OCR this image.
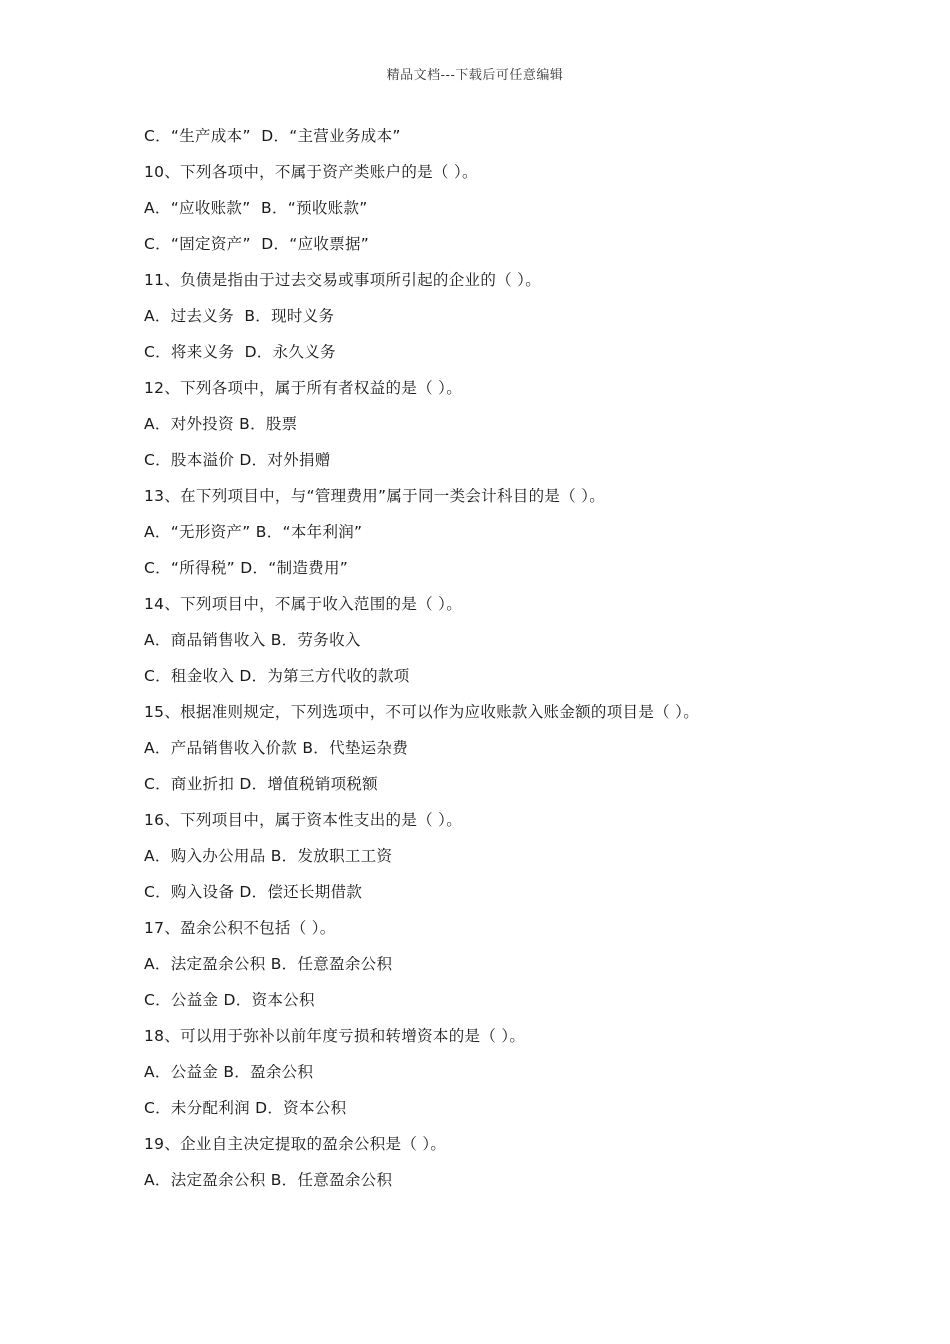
精品文档---下载后可任意编辑
C．“生产成本”  D．“主营业务成本”
10、下列各项中，不属于资产类账户的是（ ）。
A．“应收账款”  B．“预收账款”
C．“固定资产”  D．“应收票据”
11、负债是指由于过去交易或事项所引起的企业的（ ）。
A．过去义务  B．现时义务
C．将来义务  D．永久义务
12、下列各项中，属于所有者权益的是（ ）。
A．对外投资 B．股票
C．股本溢价 D．对外捐赠
13、在下列项目中，与“管理费用”属于同一类会计科目的是（ ）。
A．“无形资产” B．“本年利润”
C．“所得税” D．“制造费用”
14、下列项目中，不属于收入范围的是（ ）。
A．商品销售收入 B．劳务收入
C．租金收入 D．为第三方代收的款项
15、根据准则规定，下列选项中，不可以作为应收账款入账金额的项目是（ ）。
A．产品销售收入价款 B．代垫运杂费
C．商业折扣 D．增值税销项税额
16、下列项目中，属于资本性支出的是（ ）。
A．购入办公用品 B．发放职工工资
C．购入设备 D．偿还长期借款
17、盈余公积不包括（ ）。
A．法定盈余公积 B．任意盈余公积
C．公益金 D．资本公积
18、可以用于弥补以前年度亏损和转增资本的是（ ）。
A．公益金 B．盈余公积
C．未分配利润 D．资本公积
19、企业自主决定提取的盈余公积是（ ）。
A．法定盈余公积 B．任意盈余公积
